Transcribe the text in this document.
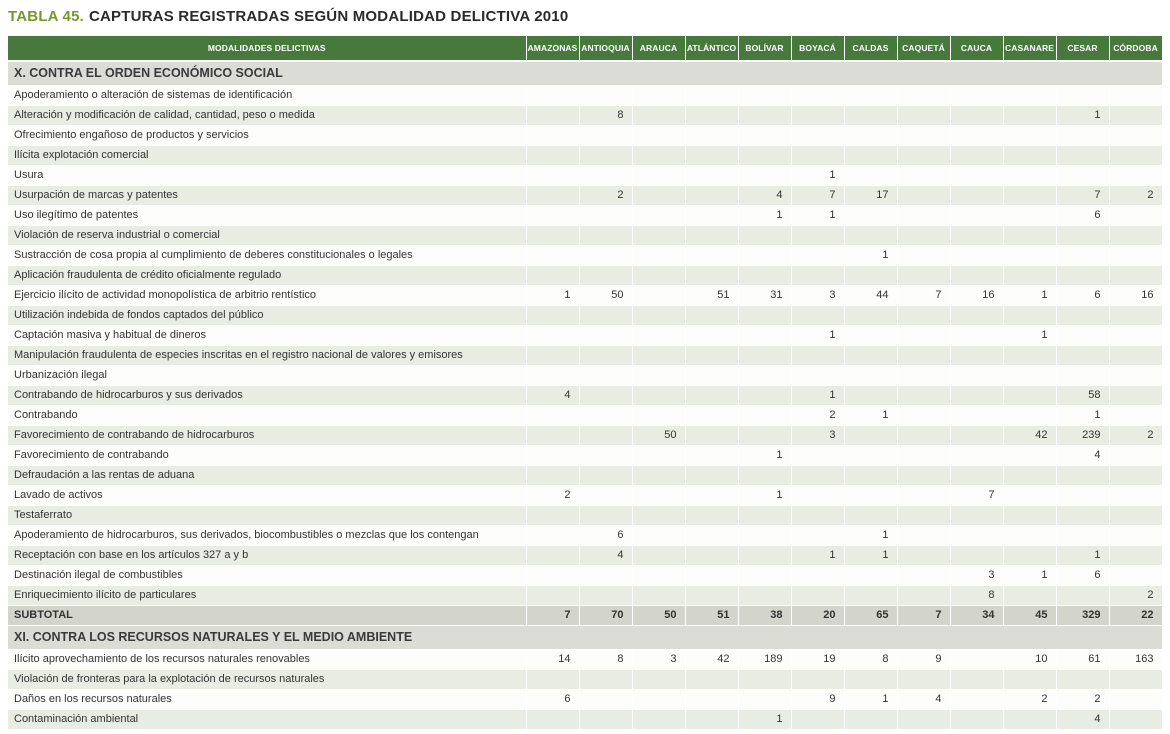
TABLA 45. CAPTURAS REGISTRADAS SEGÚN MODALIDAD DELICTIVA 2010
MODALIDADES DELICTIVAS	AMAZONAS	ANTIOQUIA	ARAUCA	ATLÁNTICO	BOLÍVAR	BOYACÁ	CALDAS	CAQUETÁ	CAUCA	CASANARE	CESAR	CÓRDOBA
X. CONTRA EL ORDEN ECONÓMICO SOCIAL												
Apoderamiento o alteración de sistemas de identificación												
Alteración y modificación de calidad, cantidad, peso o medida		8									1	
Ofrecimiento engañoso de productos y servicios												
Ilícita explotación comercial												
Usura						1						
Usurpación de marcas y patentes		2			4	7	17				7	2
Uso ilegítimo de patentes					1	1					6	
Violación de reserva industrial o comercial												
Sustracción de cosa propia al cumplimiento de deberes constitucionales o legales							1					
Aplicación fraudulenta de crédito oficialmente regulado												
Ejercicio ilícito de actividad monopolística de arbitrio rentístico	1	50		51	31	3	44	7	16	1	6	16
Utilización indebida de fondos captados del público												
Captación masiva y habitual de dineros						1				1		
Manipulación fraudulenta de especies inscritas en el registro nacional de valores y emisores												
Urbanización ilegal												
Contrabando de hidrocarburos y sus derivados	4					1					58	
Contrabando						2	1				1	
Favorecimiento de contrabando de hidrocarburos			50			3				42	239	2
Favorecimiento de contrabando					1						4	
Defraudación a las rentas de aduana												
Lavado de activos	2				1				7			
Testaferrato												
Apoderamiento de hidrocarburos, sus derivados, biocombustibles o mezclas que los contengan		6					1					
Receptación con base en los artículos 327 a y b		4				1	1				1	
Destinación ilegal de combustibles									3	1	6	
Enriquecimiento ilícito de particulares									8			2
SUBTOTAL	7	70	50	51	38	20	65	7	34	45	329	22
XI. CONTRA LOS RECURSOS NATURALES Y EL MEDIO AMBIENTE												
Ilícito aprovechamiento de los recursos naturales renovables	14	8	3	42	189	19	8	9		10	61	163
Violación de fronteras para la explotación de recursos naturales												
Daños en los recursos naturales	6					9	1	4		2	2	
Contaminación ambiental					1						4	
